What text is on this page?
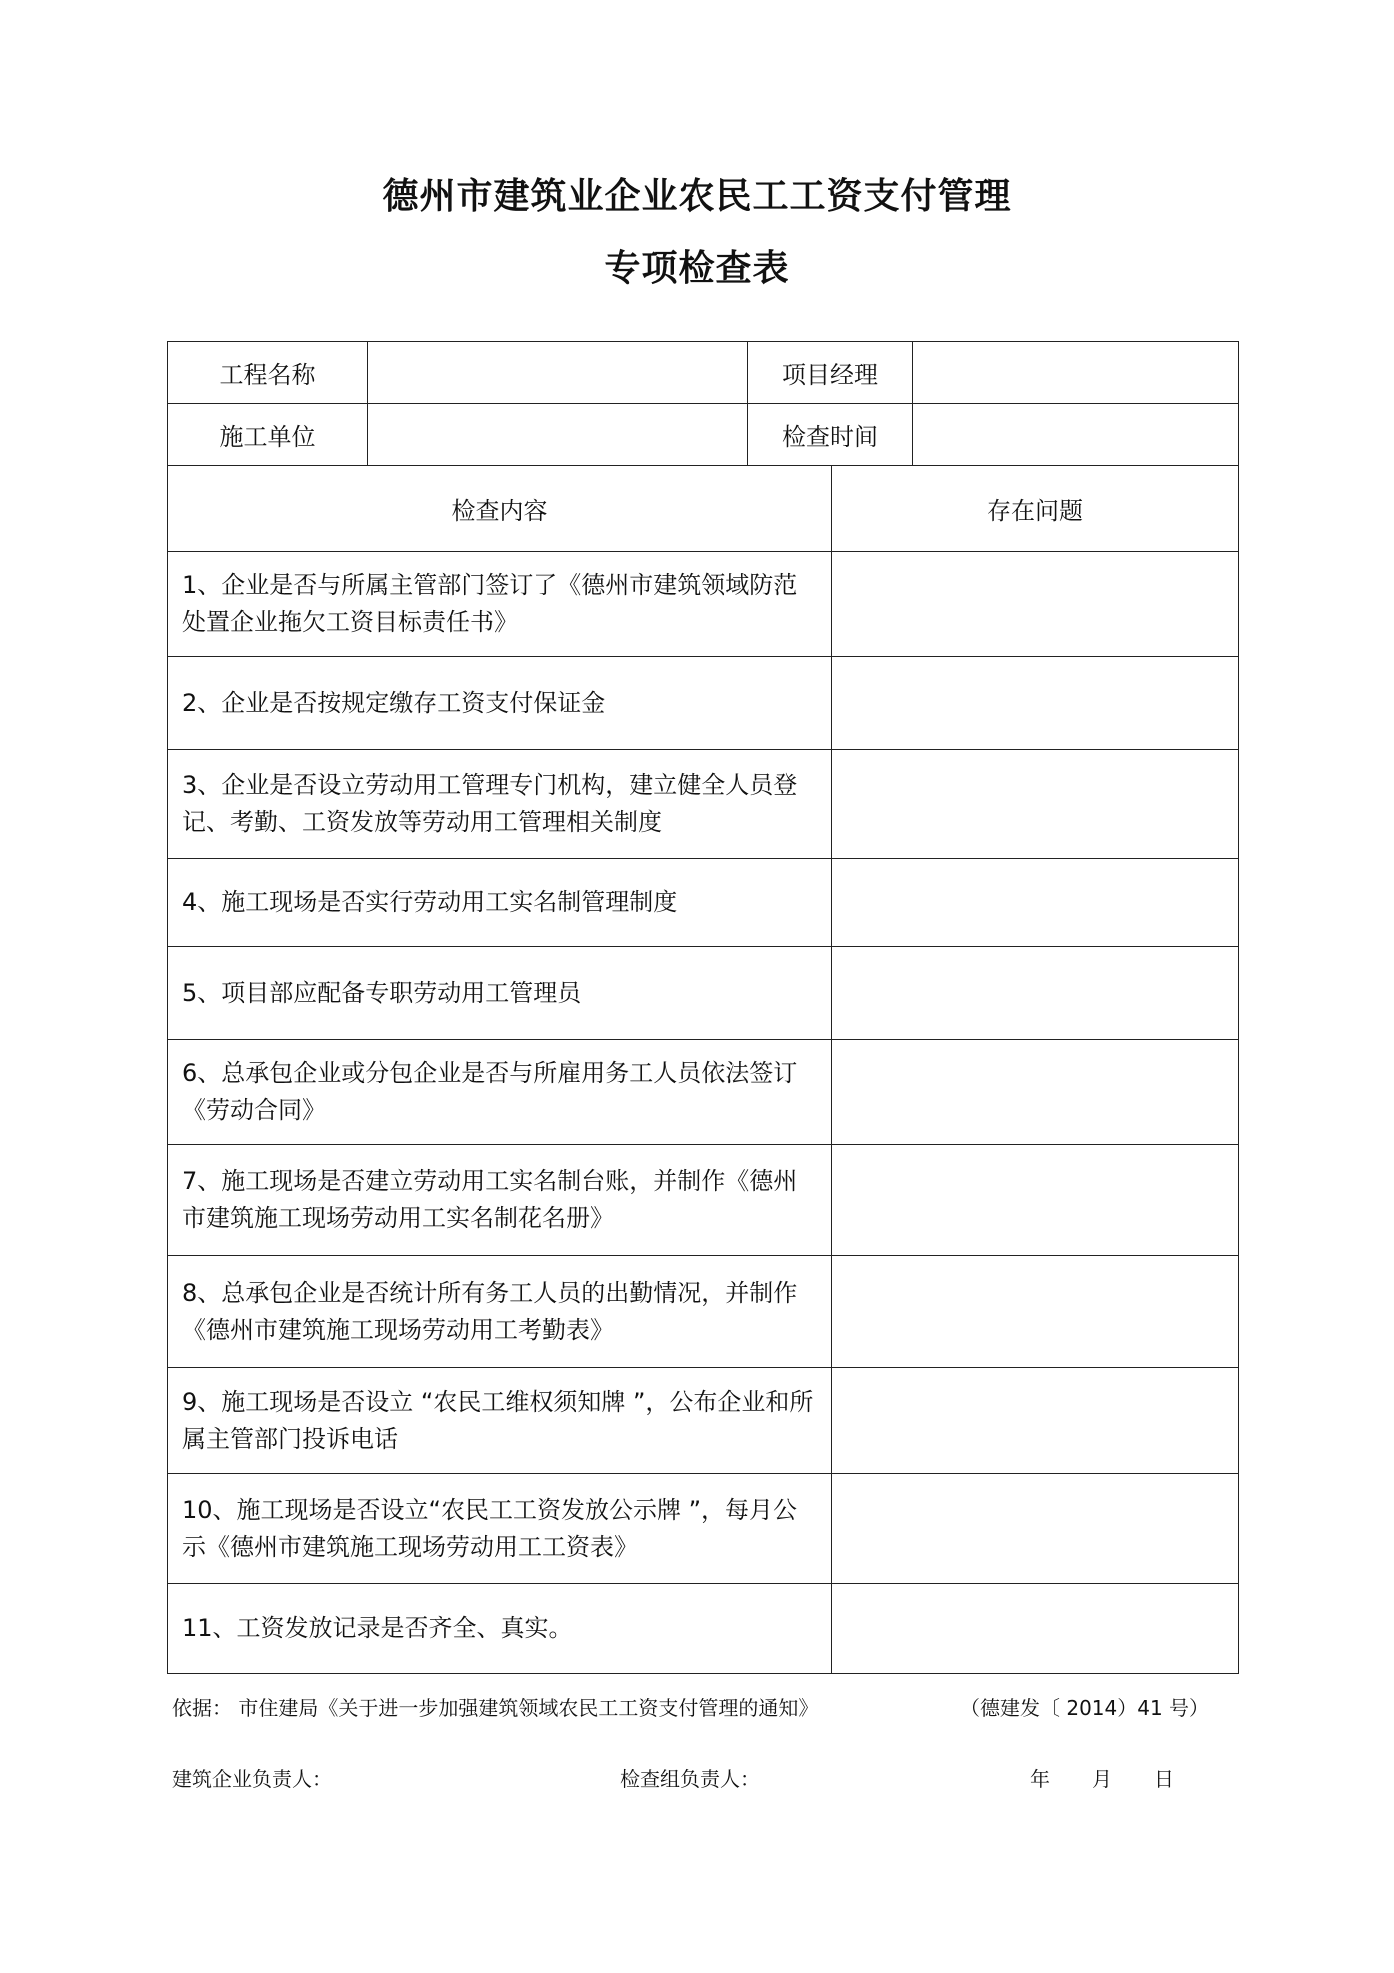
德州市建筑业企业农民工工资支付管理
专项检查表
工程名称		项目经理	
施工单位		检查时间	
检查内容	存在问题
1、企业是否与所属主管部门签订了《德州市建筑领域防范处置企业拖欠工资目标责任书》	
2、企业是否按规定缴存工资支付保证金	
3、企业是否设立劳动用工管理专门机构，建立健全人员登记、考勤、工资发放等劳动用工管理相关制度	
4、施工现场是否实行劳动用工实名制管理制度	
5、项目部应配备专职劳动用工管理员	
6、总承包企业或分包企业是否与所雇用务工人员依法签订《劳动合同》	
7、施工现场是否建立劳动用工实名制台账，并制作《德州市建筑施工现场劳动用工实名制花名册》	
8、总承包企业是否统计所有务工人员的出勤情况，并制作《德州市建筑施工现场劳动用工考勤表》	
9、施工现场是否设立 “农民工维权须知牌 ”，公布企业和所属主管部门投诉电话	
10、施工现场是否设立“农民工工资发放公示牌 ”，每月公示《德州市建筑施工现场劳动用工工资表》	
11、工资发放记录是否齐全、真实。	
依据： 市住建局《关于进一步加强建筑领域农民工工资支付管理的通知》	（德建发〔 2014）41 号）
建筑企业负责人：	检查组负责人：	年 月 日
